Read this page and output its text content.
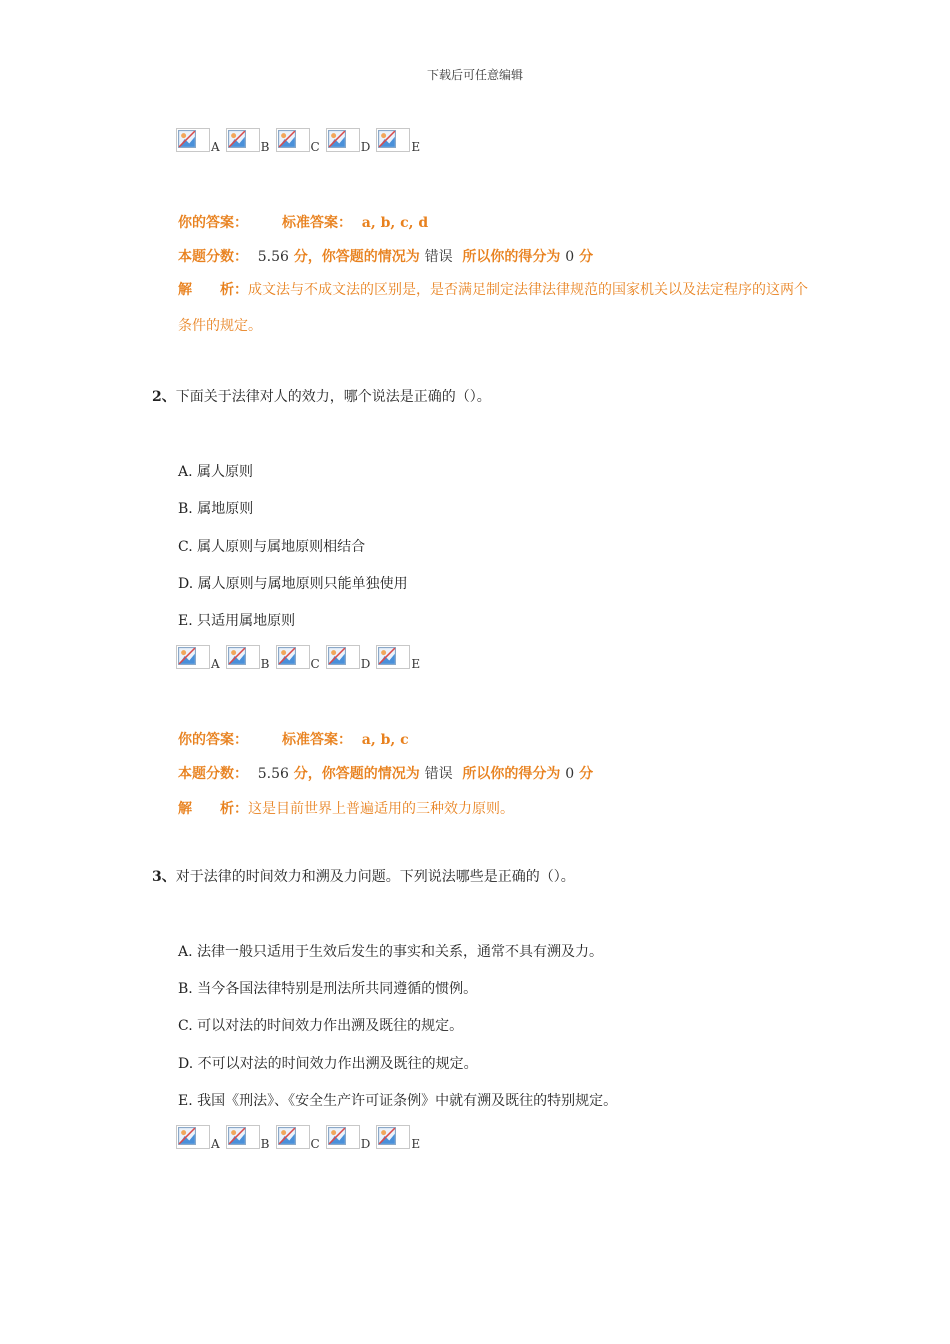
下载后可任意编辑
A	B	C	D	E
你的答案： 标准答案： a, b, c, d
本题分数： 5.56 分，你答题的情况为 错误 所以你的得分为 0 分
解　　析：成文法与不成文法的区别是，是否满足制定法律法律规范的国家机关以及法定程序的这两个条件的规定。
2、下面关于法律对人的效力，哪个说法是正确的（）。
A. 属人原则
B. 属地原则
C. 属人原则与属地原则相结合
D. 属人原则与属地原则只能单独使用
E. 只适用属地原则
A	B	C	D	E
你的答案： 标准答案： a, b, c
本题分数： 5.56 分，你答题的情况为 错误 所以你的得分为 0 分
解　　析：这是目前世界上普遍适用的三种效力原则。
3、对于法律的时间效力和溯及力问题。下列说法哪些是正确的（）。
A. 法律一般只适用于生效后发生的事实和关系，通常不具有溯及力。
B. 当今各国法律特别是刑法所共同遵循的惯例。
C. 可以对法的时间效力作出溯及既往的规定。
D. 不可以对法的时间效力作出溯及既往的规定。
E. 我国《刑法》、《安全生产许可证条例》中就有溯及既往的特别规定。
A	B	C	D	E
